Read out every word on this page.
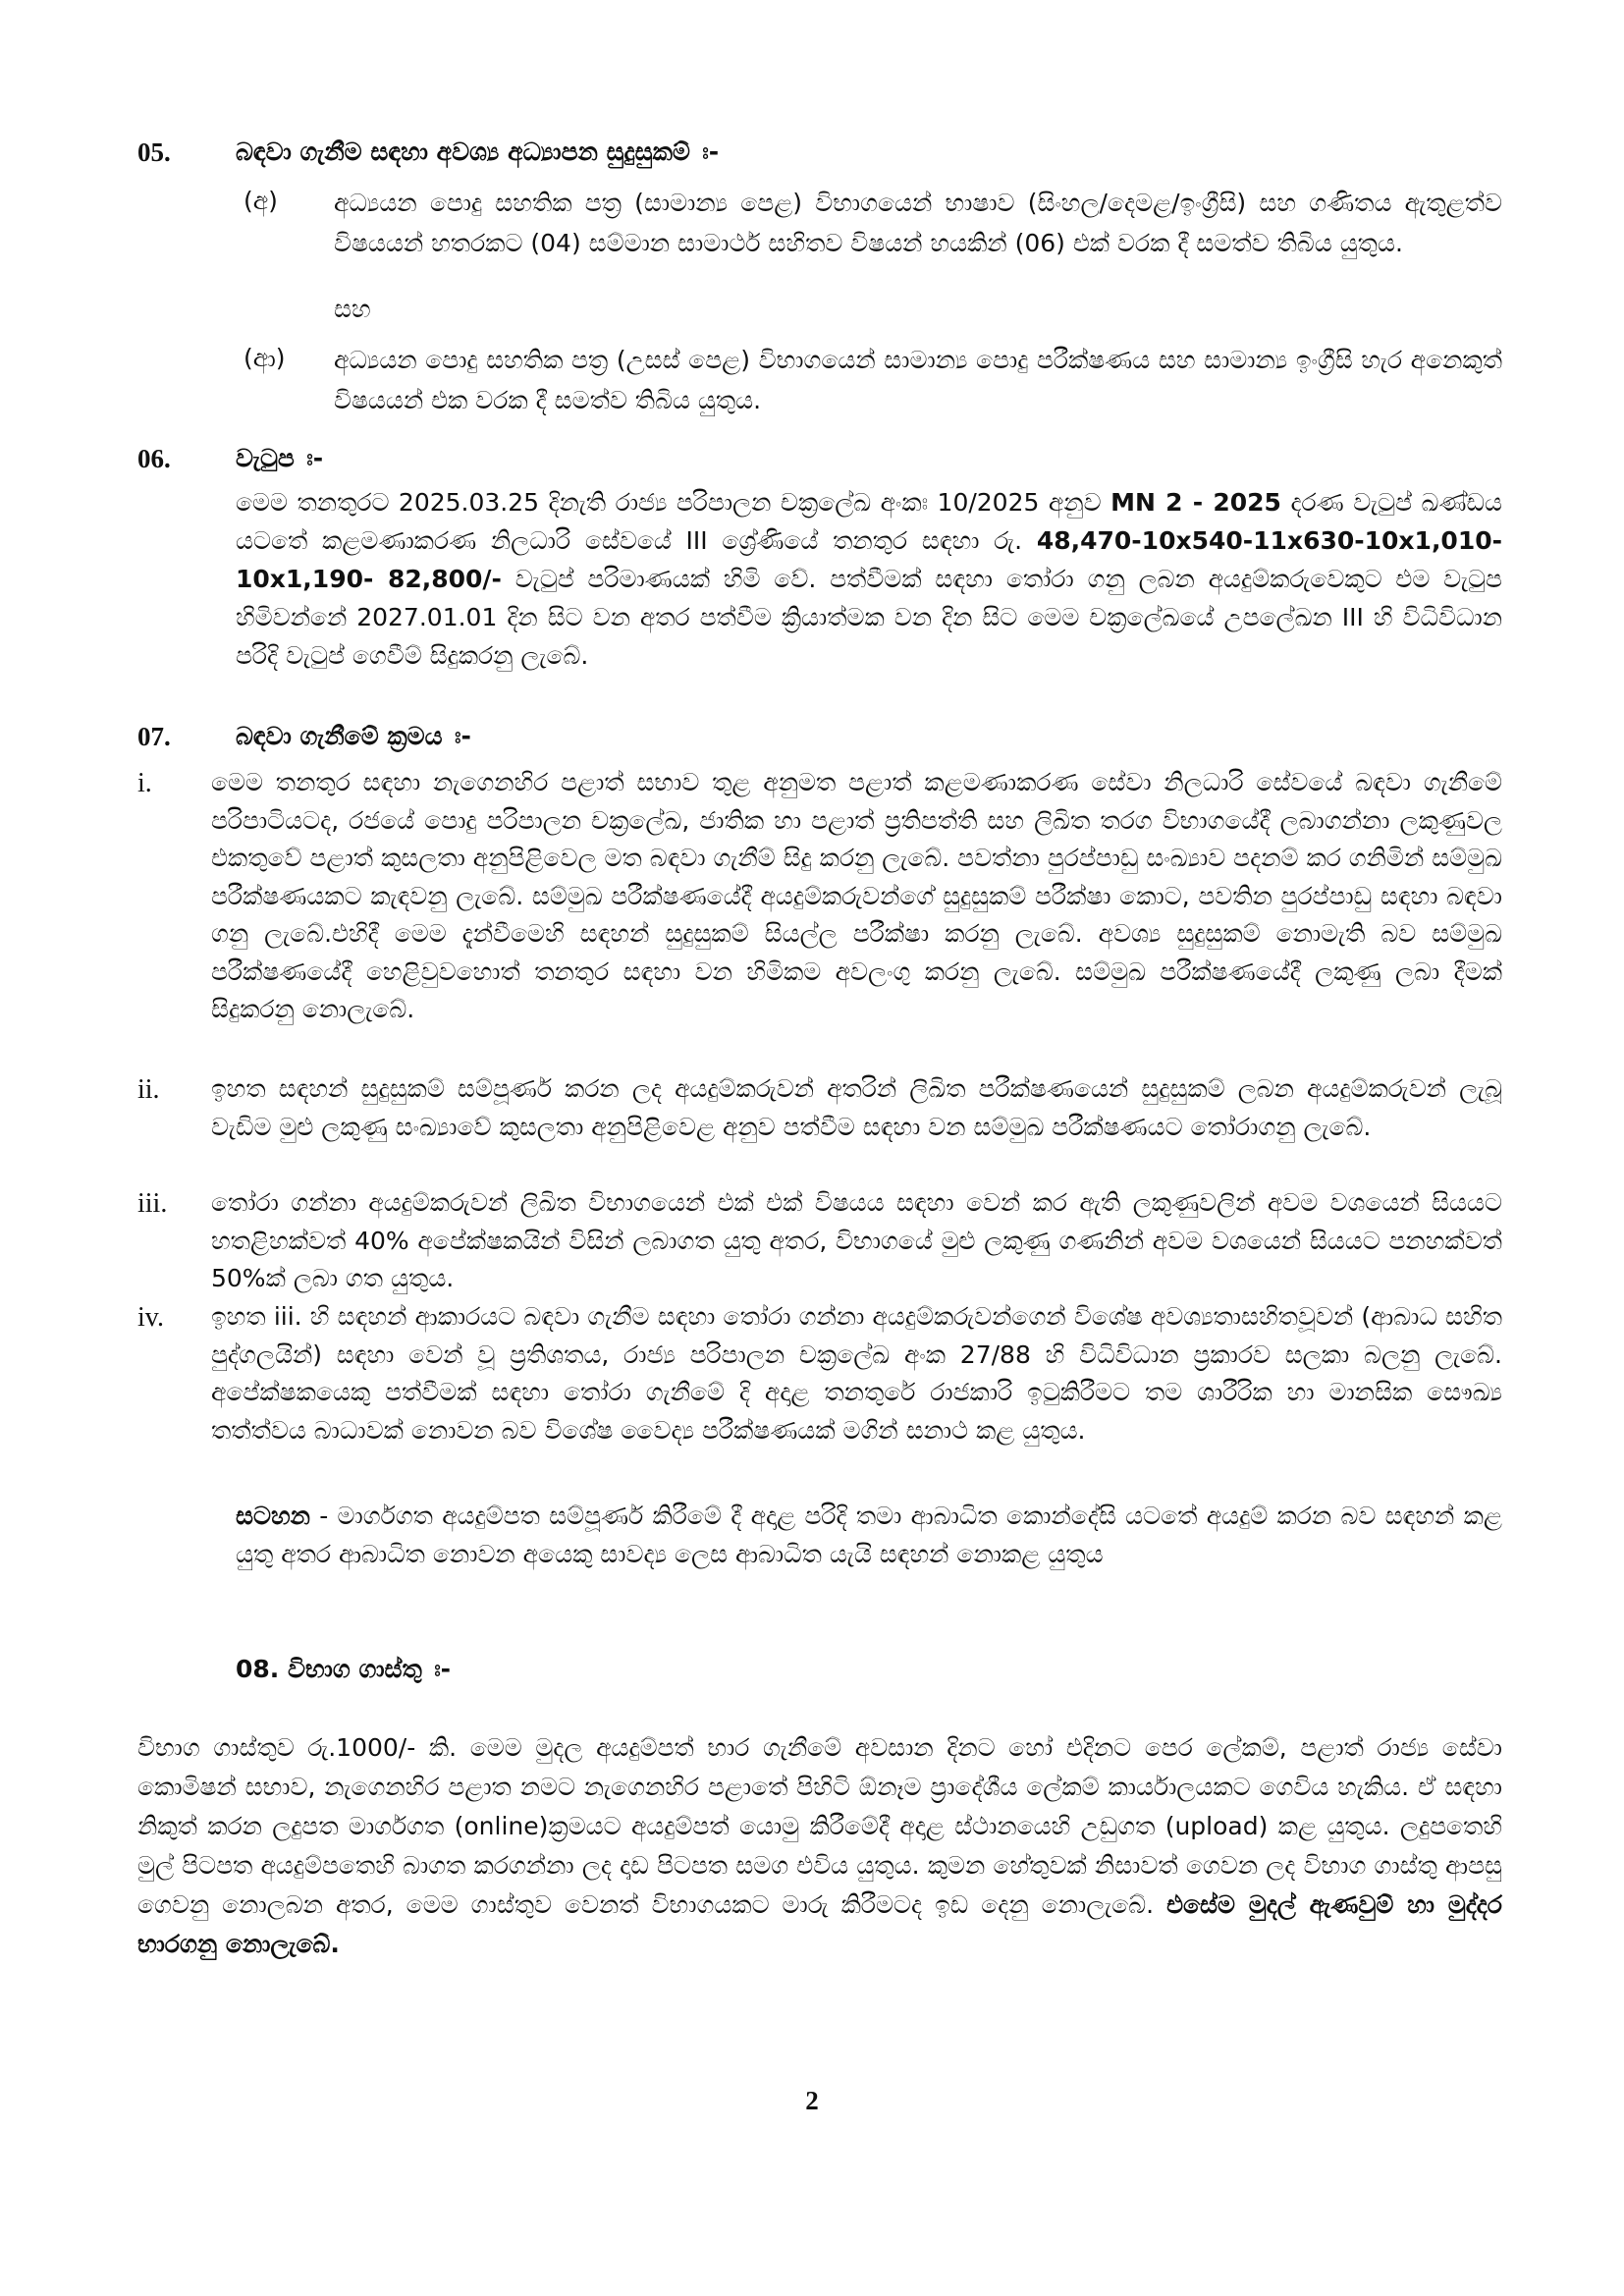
05.	බඳවා ගැනීම සඳහා අවශ්‍ය අධ්‍යාපන සුදුසුකම් ඃ-
(අ) අධ්‍යයන පොදු සහතික පත්‍ර (සාමාන්‍ය පෙළ) විභාගයෙන් භාෂාව (සිංහල/දෙමළ/ඉංග්‍රීසි) සහ ගණිතය ඇතුළත්ව විෂයයන් හතරකට (04) සම්මාන සාමාර්ථ සහිතව විෂයන් හයකින් (06) එක් වරක දී සමත්ව තිබිය යුතුය.
සහ
(ආ) අධ්‍යයන පොදු සහතික පත්‍ර (උසස් පෙළ) විභාගයෙන් සාමාන්‍ය පොදු පරීක්ෂණය සහ සාමාන්‍ය ඉංග්‍රීසි හැර අනෙකුත් විෂයයන් එක වරක දී සමත්ව තිබිය යුතුය.
06.	වැටුප ඃ-
මෙම තනතුරට 2025.03.25 දිනැති රාජ්‍ය පරිපාලන චක්‍රලේඛ අංකඃ 10/2025 අනුව MN 2 - 2025 දරණ වැටුප් ඛණ්ඩය යටතේ කළමණාකරණ නිලධාරි සේවයේ III ශ්‍රේණියේ තනතුර සඳහා රු. 48,470-10x540-11x630-10x1,010-10x1,190- 82,800/- වැටුප් පරිමාණයක් හිමි වේ. පත්වීමක් සඳහා තෝරා ගනු ලබන අයදුම්කරුවෙකුට එම වැටුප හිමිවන්නේ 2027.01.01 දින සිට වන අතර පත්වීම ක්‍රියාත්මක වන දින සිට මෙම චක්‍රලේඛයේ උපලේඛන III හි විධිවිධාන පරිදි වැටුප් ගෙවීම් සිදුකරනු ලැබේ.
07.	බඳවා ගැනීමේ ක්‍රමය ඃ-
i. මෙම තනතුර සඳහා නැගෙනහිර පළාත් සභාව තුළ අනුමත පළාත් කළමණාකරණ සේවා නිලධාරි සේවයේ බඳවා ගැනීමේ පරිපාටියටද, රජයේ පොදු පරිපාලන චක්‍රලේඛ, ජාතික හා පළාත් ප්‍රතිපත්ති සහ ලිඛිත තරග විභාගයේදී ලබාගන්නා ලකුණුවල එකතුවේ පළාත් කුසලතා අනුපිළිවෙල මත බඳවා ගැනීම් සිදු කරනු ලැබේ. පවත්නා පුරප්පාඩු සංඛ්‍යාව පදනම් කර ගනිමින් සම්මුඛ පරීක්ෂණයකට කැඳවනු ලැබේ. සම්මුඛ පරීක්ෂණයේදී අයදුම්කරුවන්ගේ සුදුසුකම් පරීක්ෂා කොට, පවතින පුරප්පාඩු සඳහා බඳවා ගනු ලැබේ.එහිදී මෙම දැන්වීමෙහි සඳහන් සුදුසුකම් සියල්ල පරීක්ෂා කරනු ලැබේ. අවශ්‍ය සුදුසුකම් නොමැති බව සම්මුඛ පරීක්ෂණයේදී හෙළිවුවහොත් තනතුර සඳහා වන හිමිකම අවලංගු කරනු ලැබේ. සම්මුඛ පරීක්ෂණයේදී ලකුණු ලබා දීමක් සිදුකරනු නොලැබේ.
ii. ඉහත සඳහන් සුදුසුකම් සම්පූර්ණ කරන ලද අයදුම්කරුවන් අතරින් ලිඛිත පරීක්ෂණයෙන් සුදුසුකම් ලබන අයදුම්කරුවන් ලැබූ වැඩිම මුළු ලකුණු සංඛ්‍යාවේ කුසලතා අනුපිළිවෙළ අනුව පත්වීම සඳහා වන සම්මුඛ පරීක්ෂණයට තෝරාගනු ලැබේ.
iii. තෝරා ගන්නා අයදුම්කරුවන් ලිඛිත විභාගයෙන් එක් එක් විෂයය සඳහා වෙන් කර ඇති ලකුණුවලින් අවම වශයෙන් සියයට හතළිහක්වත් 40% අපේක්ෂකයින් විසින් ලබාගත යුතු අතර, විභාගයේ මුළු ලකුණු ගණනින් අවම වශයෙන් සියයට පනහක්වත් 50%ක් ලබා ගත යුතුය.
iv. ඉහත iii. හි සඳහන් ආකාරයට බඳවා ගැනීම සඳහා තෝරා ගන්නා අයදුම්කරුවන්ගෙන් විශේෂ අවශ්‍යතාසහිතවූවන් (ආබාධ සහිත පුද්ගලයින්) සඳහා වෙන් වූ ප්‍රතිශතය, රාජ්‍ය පරිපාලන චක්‍රලේඛ අංක 27/88 හි විධිවිධාන ප්‍රකාරව සලකා බලනු ලැබේ. අපේක්ෂකයෙකු පත්වීමක් සඳහා තෝරා ගැනීමේ දි අදාළ තනතුරේ රාජකාරි ඉටුකිරීමට තම ශාරීරික හා මානසික සෞඛ්‍ය තත්ත්වය බාධාවක් නොවන බව විශේෂ වෛද්‍ය පරීක්ෂණයක් මගින් සනාථ කළ යුතුය.
සටහන - මාර්ගගත අයදුම්පත සම්පූර්ණ කිරීමේ දී අදාළ පරිදි තමා ආබාධිත කොන්දේසි යටතේ අයදුම් කරන බව සඳහන් කළ යුතු අතර ආබාධිත නොවන අයෙකු සාවද්‍ය ලෙස ආබාධිත යැයි සඳහන් නොකළ යුතුය
08. විභාග ගාස්තු ඃ-
විභාග ගාස්තුව රු.1000/- කි. මෙම මුදල අයදුම්පත් භාර ගැනීමේ අවසාන දිනට හෝ එදිනට පෙර ලේකම්, පළාත් රාජ්‍ය සේවා කොමිෂන් සභාව, නැගෙනහිර පළාත නමට නැගෙනහිර පළාතේ පිහිටි ඕනෑම ප්‍රාදේශීය ලේකම් කාර්යාලයකට ගෙවිය හැකිය. ඒ සඳහා නිකුත් කරන ලදුපත මාර්ගගත (online)ක්‍රමයට අයදුම්පත් යොමු කිරීමේදී අදාළ ස්ථානයෙහි උඩුගත (upload) කළ යුතුය. ලදුපතෙහි මුල් පිටපත අයදුම්පතෙහි බාගත කරගන්නා ලද දෘඩ පිටපත සමග එවිය යුතුය. කුමන හේතුවක් නිසාවත් ගෙවන ලද විභාග ගාස්තු ආපසු ගෙවනු නොලබන අතර, මෙම ගාස්තුව වෙනත් විභාගයකට මාරු කිරීමටද ඉඩ දෙනු නොලැබේ. එසේම මුදල් ඇණවුම් හා මුද්දර භාරගනු නොලැබේ.
2
